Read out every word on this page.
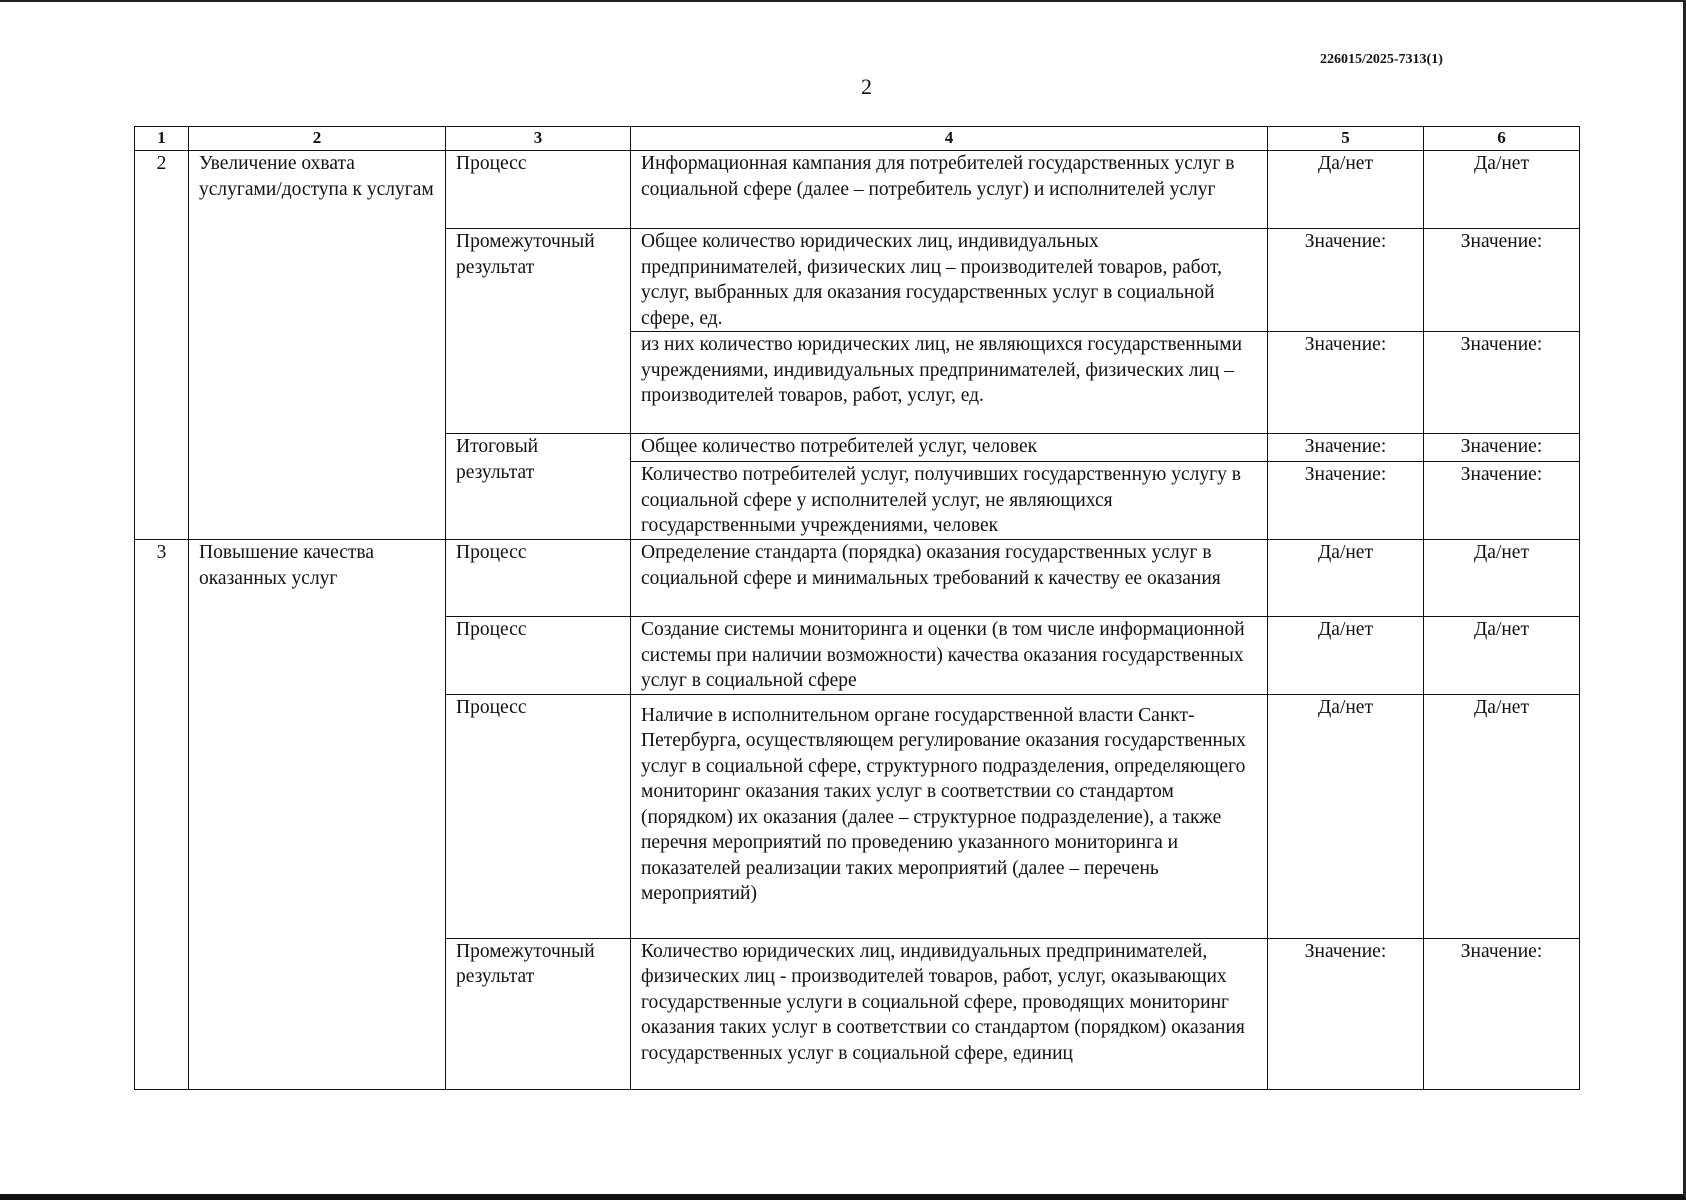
226015/2025-7313(1)
2
1	2	3	4	5	6
2	Увеличение охвата услугами/доступа к услугам	Процесс	Информационная кампания для потребителей государственных услуг в социальной сфере (далее – потребитель услуг) и исполнителей услуг	Да/нет	Да/нет
		Промежуточный результат	Общее количество юридических лиц, индивидуальных предпринимателей, физических лиц – производителей товаров, работ, услуг, выбранных для оказания государственных услуг в социальной сфере, ед.	Значение:	Значение:
			из них количество юридических лиц, не являющихся государственными учреждениями, индивидуальных предпринимателей, физических лиц – производителей товаров, работ, услуг, ед.	Значение:	Значение:
		Итоговый результат	Общее количество потребителей услуг, человек	Значение:	Значение:
			Количество потребителей услуг, получивших государственную услугу в социальной сфере у исполнителей услуг, не являющихся государственными учреждениями, человек	Значение:	Значение:
3	Повышение качества оказанных услуг	Процесс	Определение стандарта (порядка) оказания государственных услуг в социальной сфере и минимальных требований к качеству ее оказания	Да/нет	Да/нет
		Процесс	Создание системы мониторинга и оценки (в том числе информационной системы при наличии возможности) качества оказания государственных услуг в социальной сфере	Да/нет	Да/нет
		Процесс	Наличие в исполнительном органе государственной власти Санкт-Петербурга, осуществляющем регулирование оказания государственных услуг в социальной сфере, структурного подразделения, определяющего мониторинг оказания таких услуг в соответствии со стандартом (порядком) их оказания (далее – структурное подразделение), а также перечня мероприятий по проведению указанного мониторинга и показателей реализации таких мероприятий (далее – перечень мероприятий)	Да/нет	Да/нет
		Промежуточный результат	Количество юридических лиц, индивидуальных предпринимателей, физических лиц - производителей товаров, работ, услуг, оказывающих государственные услуги в социальной сфере, проводящих мониторинг оказания таких услуг в соответствии со стандартом (порядком) оказания государственных услуг в социальной сфере, единиц	Значение:	Значение:
